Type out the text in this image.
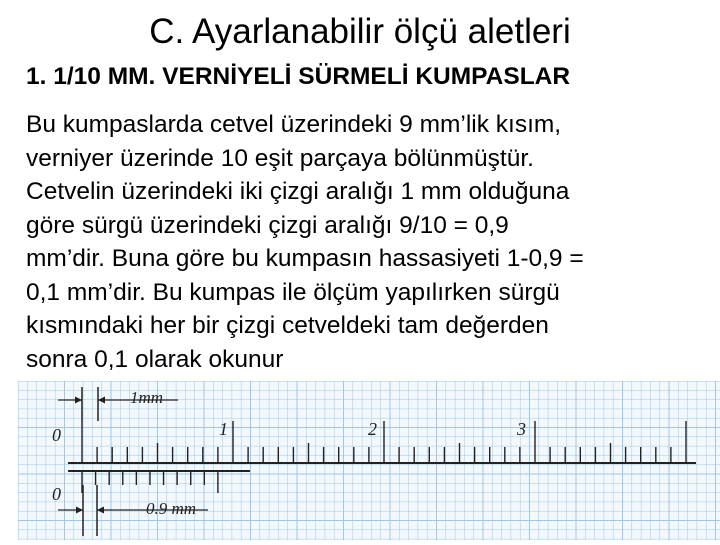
C. Ayarlanabilir ölçü aletleri
1. 1/10 MM. VERNİYELİ SÜRMELİ KUMPASLAR
Bu kumpaslarda cetvel üzerindeki 9 mm’lik kısım,
verniyer üzerinde 10 eşit parçaya bölünmüştür.
Cetvelin üzerindeki iki çizgi aralığı 1 mm olduğuna
göre sürgü üzerindeki çizgi aralığı 9/10 = 0,9
mm’dir. Buna göre bu kumpasın hassasiyeti 1-0,9 =
0,1 mm’dir. Bu kumpas ile ölçüm yapılırken sürgü
kısmındaki her bir çizgi cetveldeki tam değerden
sonra 0,1 olarak okunur
1mm
0.9 mm
0	1	2	3
0
